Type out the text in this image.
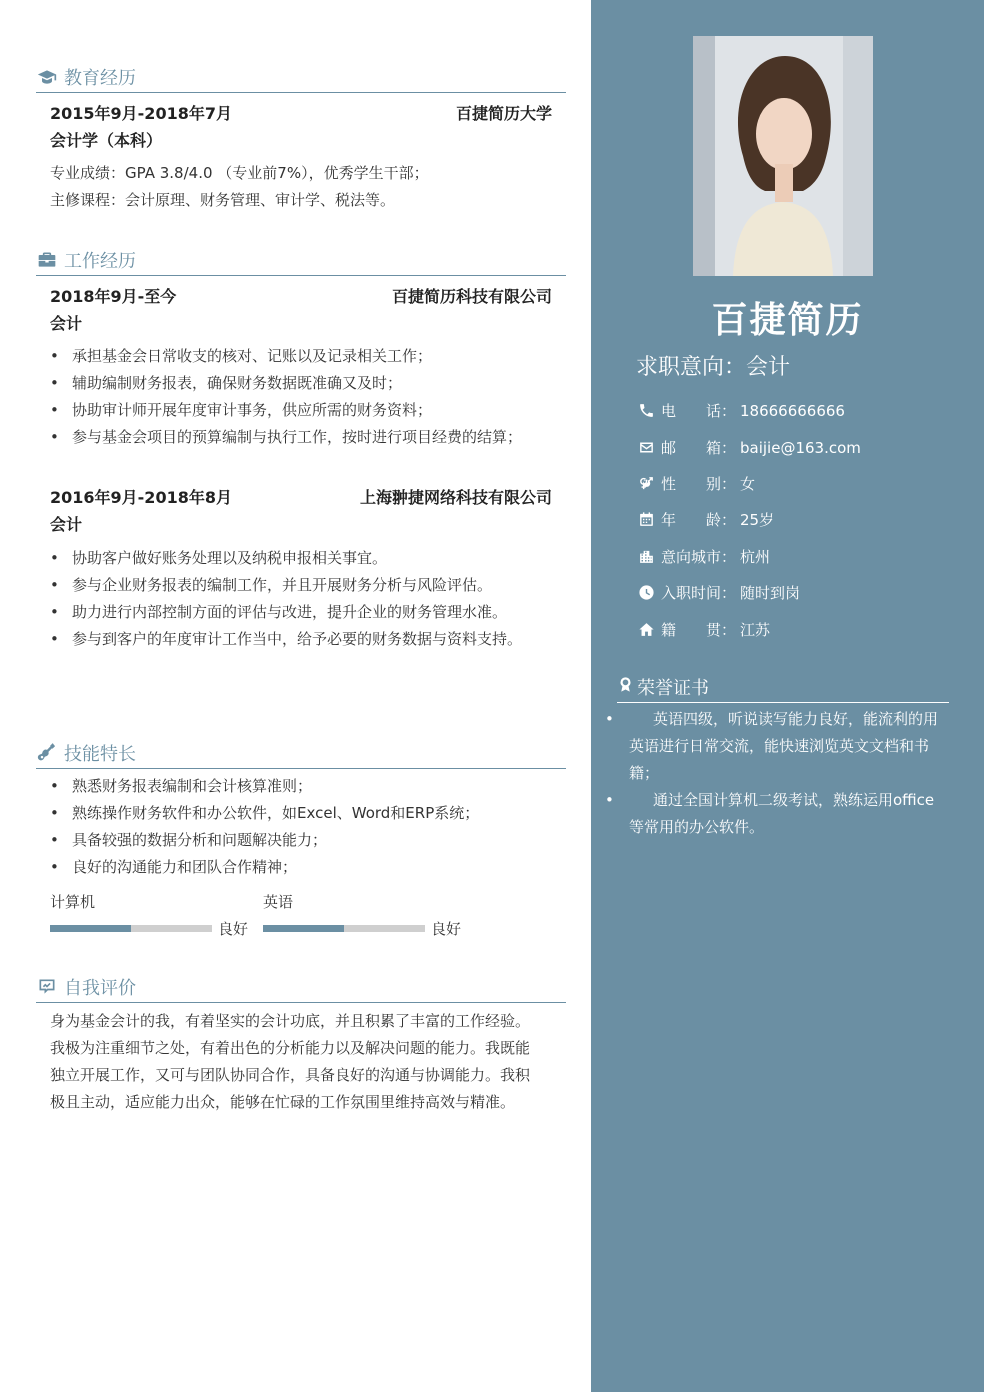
教育经历
2015年9月-2018年7月	百捷简历大学
会计学（本科）
专业成绩：GPA 3.8/4.0 （专业前7%），优秀学生干部；
主修课程：会计原理、财务管理、审计学、税法等。
工作经历
2018年9月-至今	百捷简历科技有限公司
会计
• 承担基金会日常收支的核对、记账以及记录相关工作；
• 辅助编制财务报表，确保财务数据既准确又及时；
• 协助审计师开展年度审计事务，供应所需的财务资料；
• 参与基金会项目的预算编制与执行工作，按时进行项目经费的结算；
2016年9月-2018年8月	上海翀捷网络科技有限公司
会计
• 协助客户做好账务处理以及纳税申报相关事宜。
• 参与企业财务报表的编制工作，并且开展财务分析与风险评估。
• 助力进行内部控制方面的评估与改进，提升企业的财务管理水准。
• 参与到客户的年度审计工作当中，给予必要的财务数据与资料支持。
技能特长
• 熟悉财务报表编制和会计核算准则；
• 熟练操作财务软件和办公软件，如Excel、Word和ERP系统；
• 具备较强的数据分析和问题解决能力；
• 良好的沟通能力和团队合作精神；
计算机
良好
英语
良好
自我评价
身为基金会计的我，有着坚实的会计功底，并且积累了丰富的工作经验。我极为注重细节之处，有着出色的分析能力以及解决问题的能力。我既能独立开展工作，又可与团队协同合作，具备良好的沟通与协调能力。我积极且主动，适应能力出众，能够在忙碌的工作氛围里维持高效与精准。
百捷简历
求职意向：会计
电　　话： 18666666666
邮　　箱： baijie@163.com
性　　别： 女
年　　龄： 25岁
意向城市： 杭州
入职时间： 随时到岗
籍　　贯： 江苏
荣誉证书
• 英语四级，听说读写能力良好，能流利的用英语进行日常交流，能快速浏览英文文档和书籍；
• 通过全国计算机二级考试，熟练运用office等常用的办公软件。
